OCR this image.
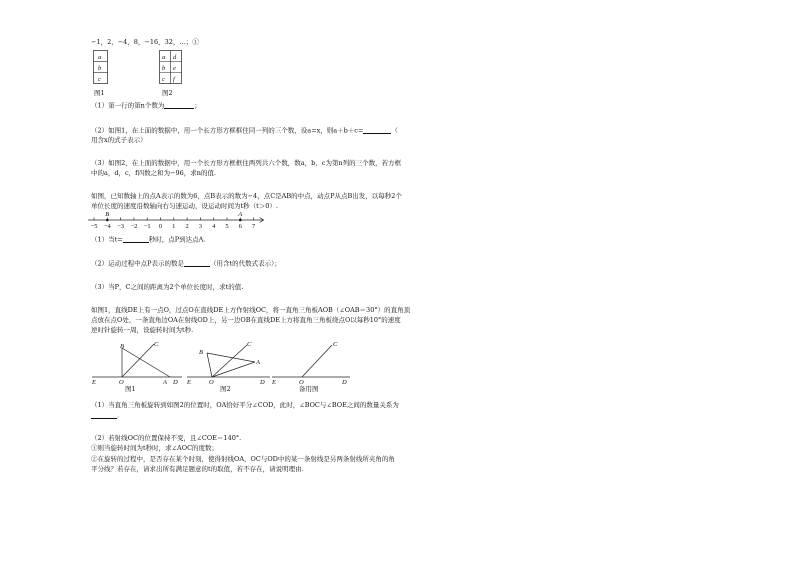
−1，2，−4，8，−16，32，…；①
a
b
c
图1
a d
b e
c f
图2
（1）第一行的第n个数为	；
（2）如图1，在上面的数据中，用一个长方形方框框住同一列的三个数，设a=x，则a＋b＋c=	（
用含x的式子表示）
（3）如图2，在上面的数据中，用一个长方形方框框住两列共六个数，数a，b，c为第n列的三个数，若方框
中的a，d，c，f四数之和为−96，求n的值.
如图，已知数轴上的点A表示的数为6，点B表示的数为−4，点C是AB的中点，动点P从点B出发，以每秒2个
单位长度的速度沿数轴向右匀速运动，设运动时间为t秒（t＞0）.
−5 −4 −3 −2 −1 0 1 2 3 4 5 6 7
B	A
（1）当t=	秒时，点P到达点A.
（2）运动过程中点P表示的数是	（用含t的代数式表示）；
（3）当P，C之间的距离为2个单位长度时，求t的值.
如图1，直线DE上有一点O，过点O在直线DE上方作射线OC，将一直角三角板AOB（∠OAB＝30°）的直角顶
点放在点O处，一条直角边OA在射线OD上，另一边OB在直线DE上方将直角三角板绕点O以每秒10°的速度
逆时针旋转一周，设旋转时间为t秒.
B	C
E	O	A D
图1
B
C
A
E	O	D
图2
C
E	O	D
备用图
（1）当直角三角板旋转到如图2的位置时，OA恰好平分∠COD，此时，∠BOC与∠BOE之间的数量关系为
.
（2）若射线OC的位置保持不变，且∠COE＝140°.
①则当旋转时间为t秒时，求∠AOC的度数；
②在旋转的过程中，是否存在某个时刻，使得射线OA，OC与OD中的某一条射线是另两条射线所夹角的角
平分线？若存在，请求出所有满足题意的t的取值，若不存在，请说明理由.
